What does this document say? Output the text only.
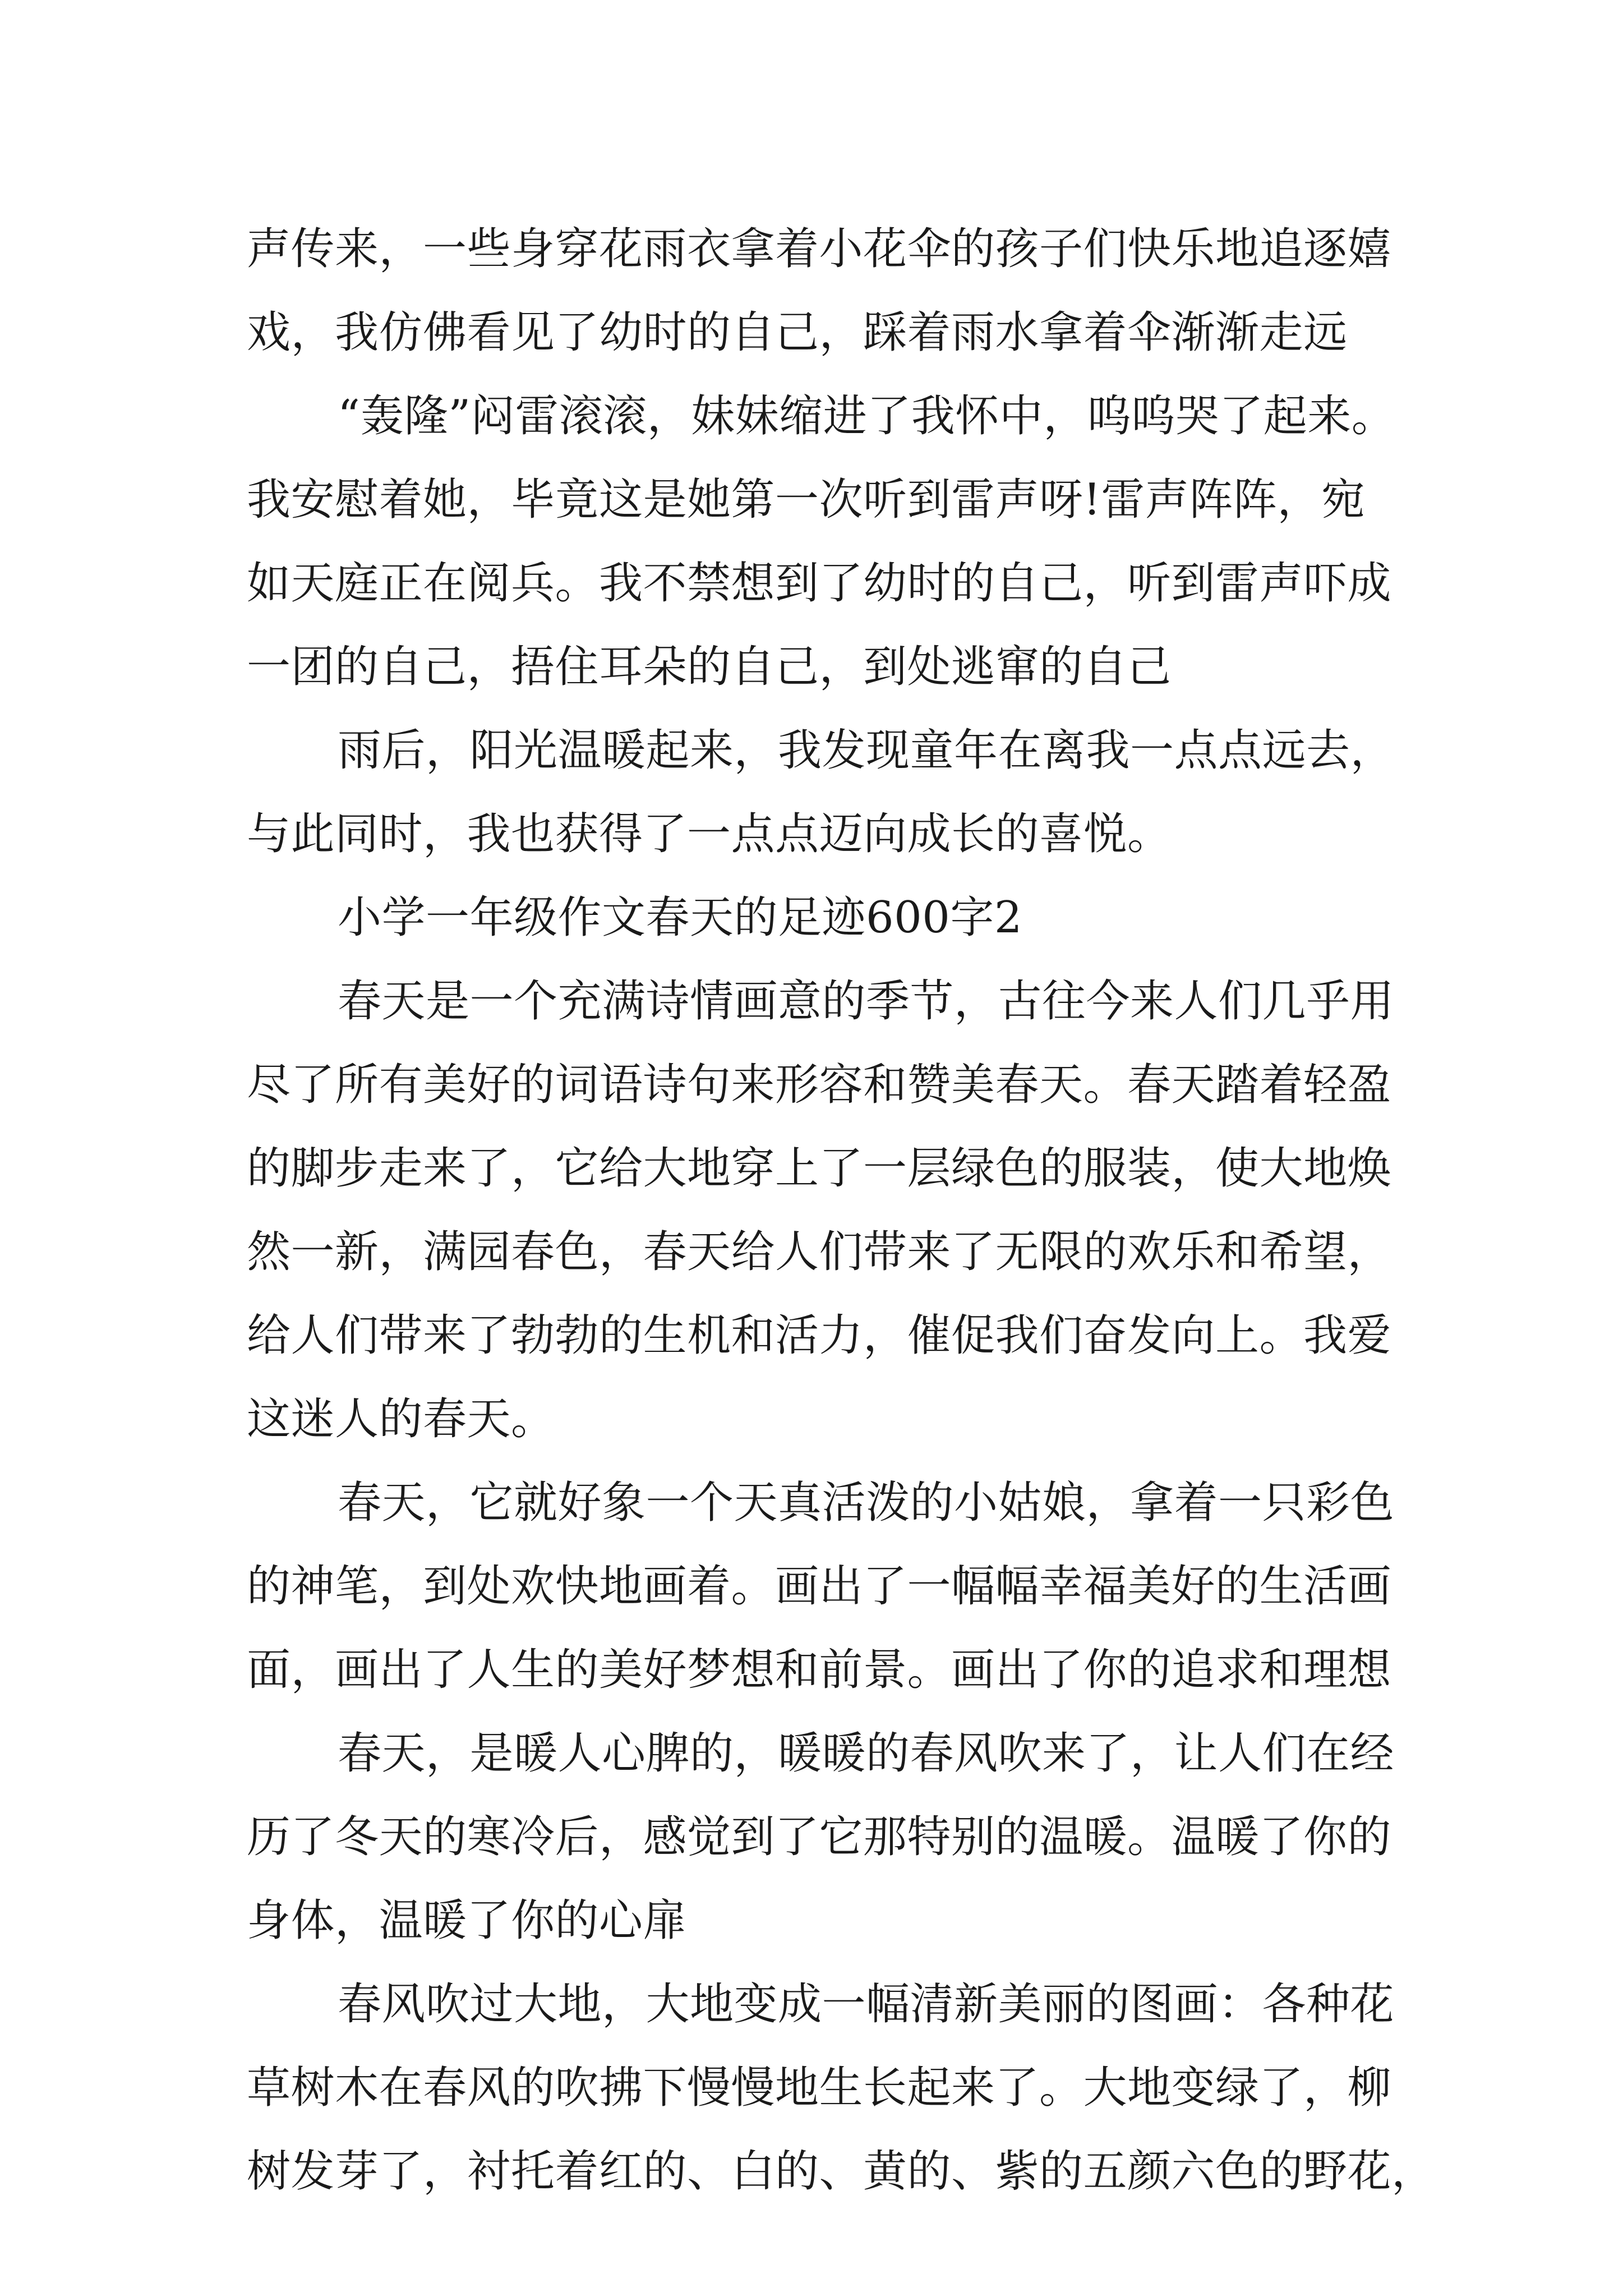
声传来，一些身穿花雨衣拿着小花伞的孩子们快乐地追逐嬉
戏，我仿佛看见了幼时的自己，踩着雨水拿着伞渐渐走远
“轰隆”闷雷滚滚，妹妹缩进了我怀中，呜呜哭了起来。
我安慰着她，毕竟这是她第一次听到雷声呀!雷声阵阵，宛
如天庭正在阅兵。我不禁想到了幼时的自己，听到雷声吓成
一团的自己，捂住耳朵的自己，到处逃窜的自己
雨后，阳光温暖起来，我发现童年在离我一点点远去，
与此同时，我也获得了一点点迈向成长的喜悦。
小学一年级作文春天的足迹600字2
春天是一个充满诗情画意的季节，古往今来人们几乎用
尽了所有美好的词语诗句来形容和赞美春天。春天踏着轻盈
的脚步走来了，它给大地穿上了一层绿色的服装，使大地焕
然一新，满园春色，春天给人们带来了无限的欢乐和希望，
给人们带来了勃勃的生机和活力，催促我们奋发向上。我爱
这迷人的春天。
春天，它就好象一个天真活泼的小姑娘，拿着一只彩色
的神笔，到处欢快地画着。画出了一幅幅幸福美好的生活画
面，画出了人生的美好梦想和前景。画出了你的追求和理想
春天，是暖人心脾的，暖暖的春风吹来了，让人们在经
历了冬天的寒冷后，感觉到了它那特别的温暖。温暖了你的
身体，温暖了你的心扉
春风吹过大地，大地变成一幅清新美丽的图画：各种花
草树木在春风的吹拂下慢慢地生长起来了。大地变绿了，柳
树发芽了，衬托着红的、白的、黄的、紫的五颜六色的野花，
